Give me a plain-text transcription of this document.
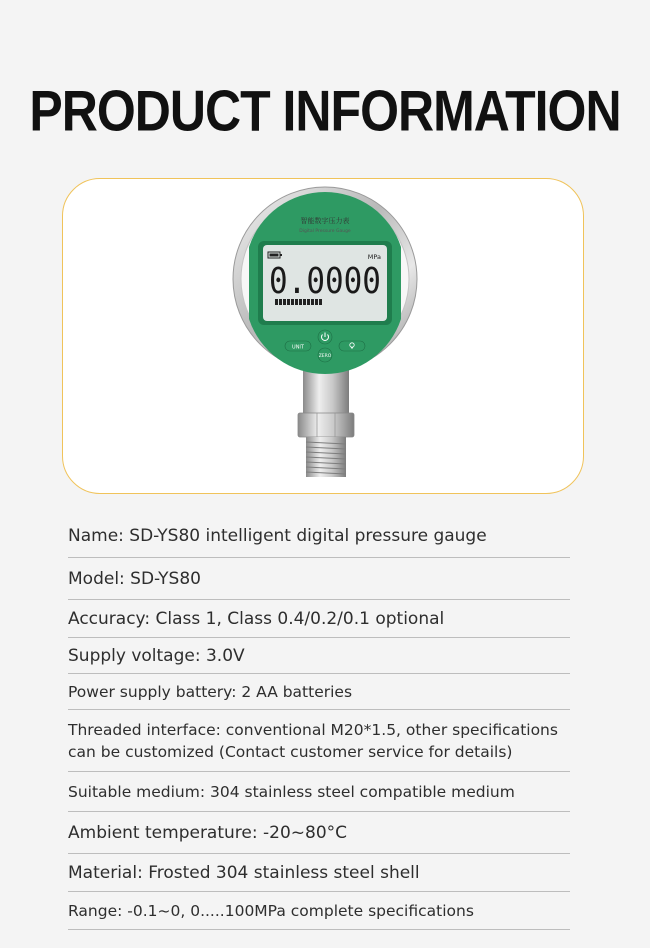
PRODUCT INFORMATION
智能数字压力表
Digital Pressure Gauge
MPa
0.0000
UNIT
ZERO
Name: SD-YS80 intelligent digital pressure gauge
Model: SD-YS80
Accuracy: Class 1, Class 0.4/0.2/0.1 optional
Supply voltage: 3.0V
Power supply battery: 2 AA batteries
Threaded interface: conventional M20*1.5, other specifications can be customized (Contact customer service for details)
Suitable medium: 304 stainless steel compatible medium
Ambient temperature: -20~80°C
Material: Frosted 304 stainless steel shell
Range: -0.1~0, 0.....100MPa complete specifications
